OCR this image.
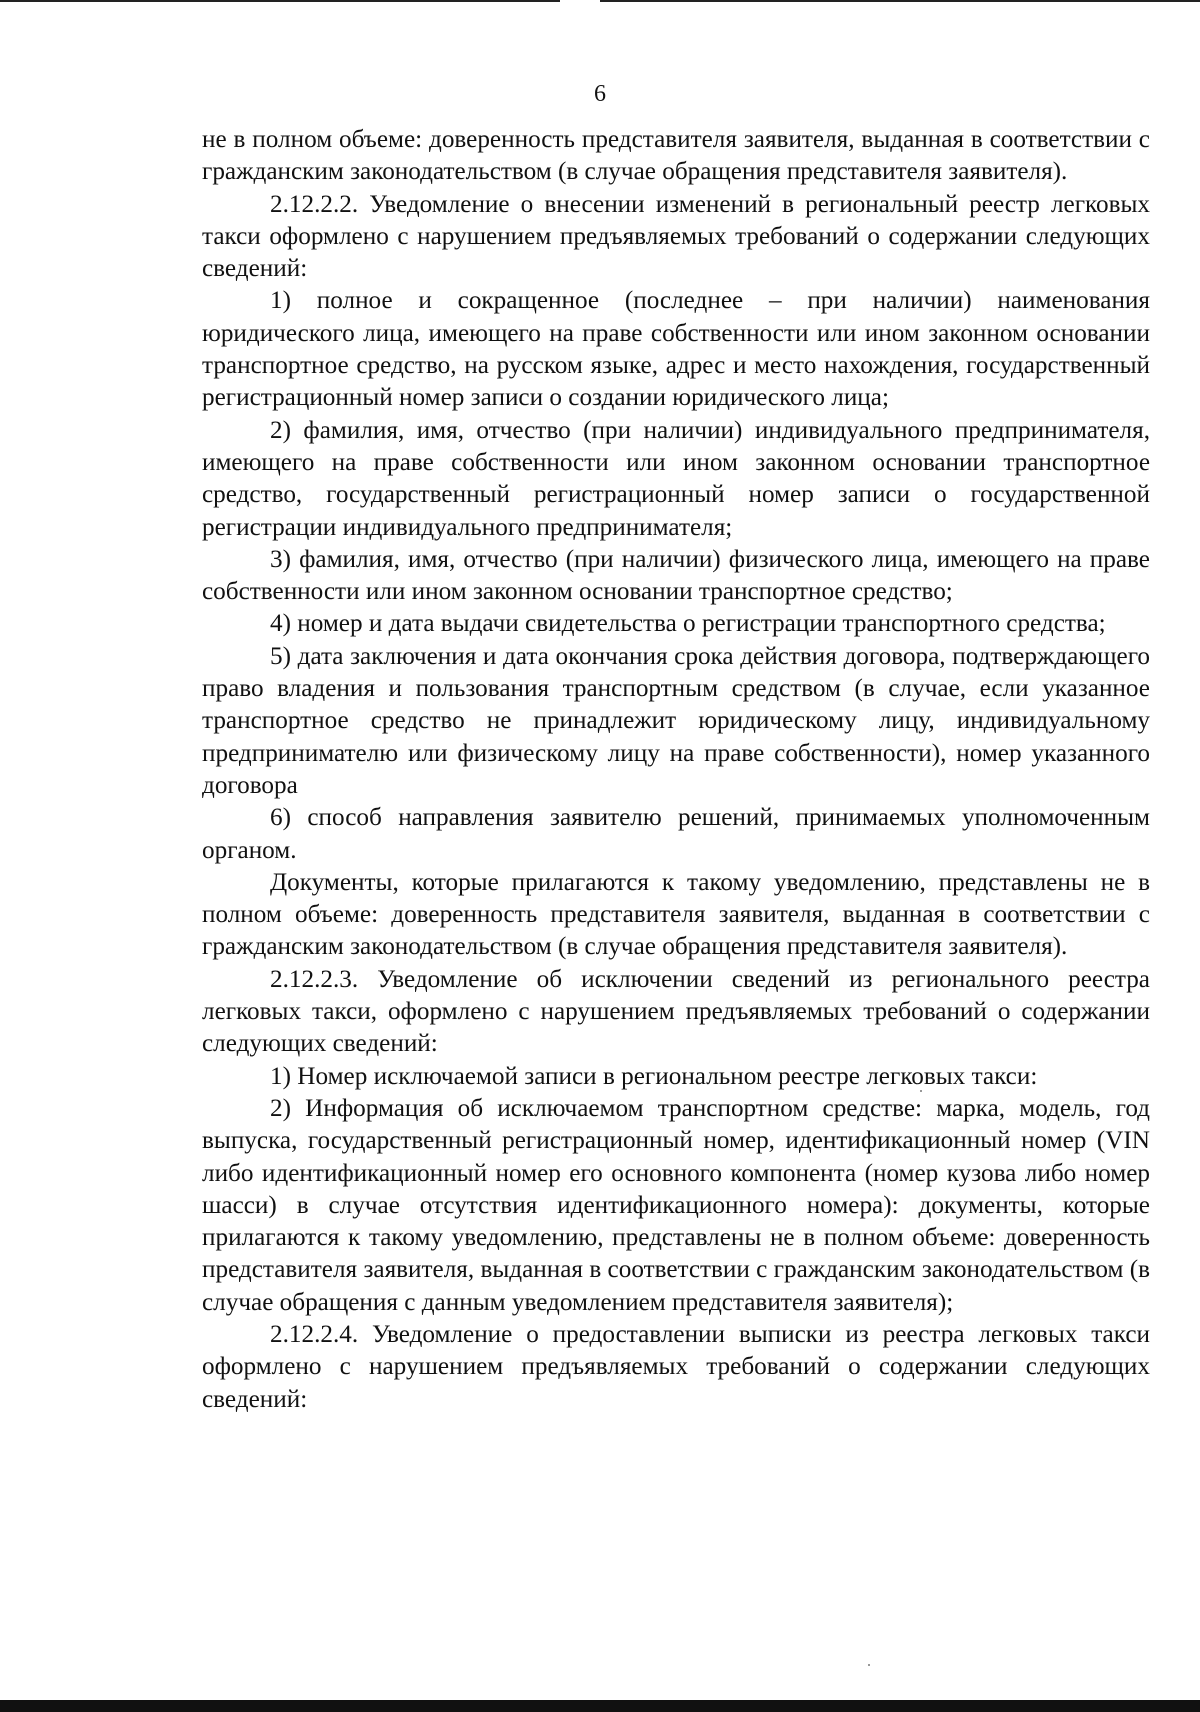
6

не в полном объеме: доверенность представителя заявителя, выданная в соответствии с гражданским законодательством (в случае обращения представителя заявителя).

2.12.2.2. Уведомление о внесении изменений в региональный реестр легковых такси оформлено с нарушением предъявляемых требований о содержании следующих сведений:

1) полное и сокращенное (последнее – при наличии) наименования юридического лица, имеющего на праве собственности или ином законном основании транспортное средство, на русском языке, адрес и место нахождения, государственный регистрационный номер записи о создании юридического лица;

2) фамилия, имя, отчество (при наличии) индивидуального предпринимателя, имеющего на праве собственности или ином законном основании транспортное средство, государственный регистрационный номер записи о государственной регистрации индивидуального предпринимателя;

3) фамилия, имя, отчество (при наличии) физического лица, имеющего на праве собственности или ином законном основании транспортное средство;

4) номер и дата выдачи свидетельства о регистрации транспортного средства;

5) дата заключения и дата окончания срока действия договора, подтверждающего право владения и пользования транспортным средством (в случае, если указанное транспортное средство не принадлежит юридическому лицу, индивидуальному предпринимателю или физическому лицу на праве собственности), номер указанного договора

6) способ направления заявителю решений, принимаемых уполномоченным органом.

Документы, которые прилагаются к такому уведомлению, представлены не в полном объеме: доверенность представителя заявителя, выданная в соответствии с гражданским законодательством (в случае обращения представителя заявителя).

2.12.2.3. Уведомление об исключении сведений из регионального реестра легковых такси, оформлено с нарушением предъявляемых требований о содержании следующих сведений:

1) Номер исключаемой записи в региональном реестре легковых такси:

2) Информация об исключаемом транспортном средстве: марка, модель, год выпуска, государственный регистрационный номер, идентификационный номер (VIN либо идентификационный номер его основного компонента (номер кузова либо номер шасси) в случае отсутствия идентификационного номера): документы, которые прилагаются к такому уведомлению, представлены не в полном объеме: доверенность представителя заявителя, выданная в соответствии с гражданским законодательством (в случае обращения с данным уведомлением представителя заявителя);

2.12.2.4. Уведомление о предоставлении выписки из реестра легковых такси оформлено с нарушением предъявляемых требований о содержании следующих сведений:
